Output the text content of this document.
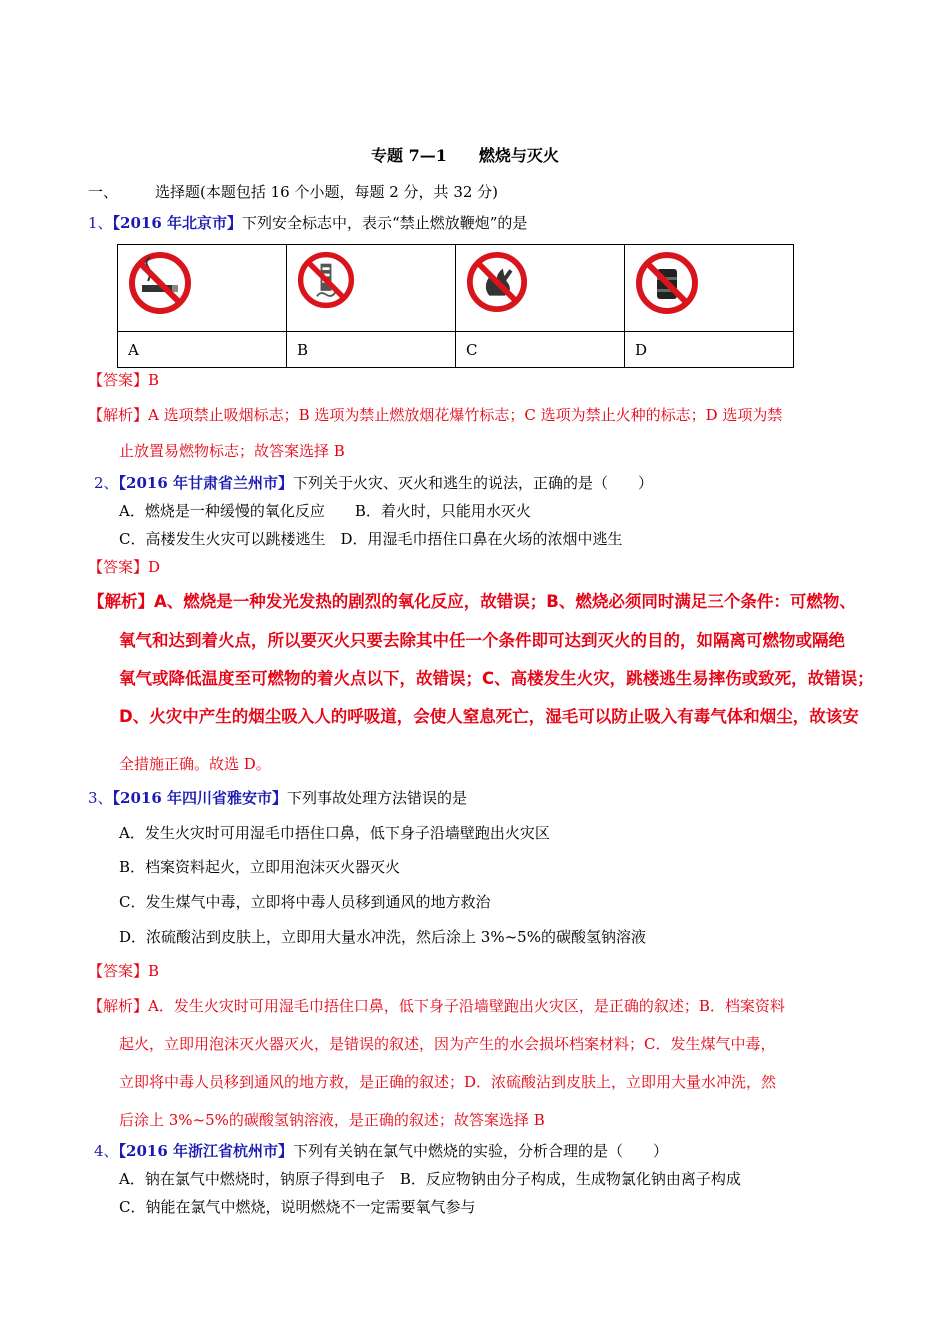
专题 7—1　　燃烧与灭火
一、 选择题(本题包括 16 个小题，每题 2 分，共 32 分)
1、【2016 年北京市】下列安全标志中，表示“禁止燃放鞭炮”的是

A	B	C	D
【答案】B
【解析】A 选项禁止吸烟标志；B 选项为禁止燃放烟花爆竹标志；C 选项为禁止火种的标志；D 选项为禁
止放置易燃物标志；故答案选择 B
2、【2016 年甘肃省兰州市】下列关于火灾、灭火和逃生的说法，正确的是（　　）
A．燃烧是一种缓慢的氧化反应　　B．着火时，只能用水灭火
C．高楼发生火灾可以跳楼逃生　D．用湿毛巾捂住口鼻在火场的浓烟中逃生
【答案】D
【解析】A、燃烧是一种发光发热的剧烈的氧化反应，故错误；B、燃烧必须同时满足三个条件：可燃物、
氧气和达到着火点，所以要灭火只要去除其中任一个条件即可达到灭火的目的，如隔离可燃物或隔绝
氧气或降低温度至可燃物的着火点以下，故错误；C、高楼发生火灾，跳楼逃生易摔伤或致死，故错误；
D、火灾中产生的烟尘吸入人的呼吸道，会使人窒息死亡，湿毛可以防止吸入有毒气体和烟尘，故该安
全措施正确。故选 D。
3、【2016 年四川省雅安市】下列事故处理方法错误的是
A．发生火灾时可用湿毛巾捂住口鼻，低下身子沿墙壁跑出火灾区
B．档案资料起火，立即用泡沫灭火器灭火
C．发生煤气中毒，立即将中毒人员移到通风的地方救治
D．浓硫酸沾到皮肤上，立即用大量水冲洗，然后涂上 3%~5%的碳酸氢钠溶液
【答案】B
【解析】A．发生火灾时可用湿毛巾捂住口鼻，低下身子沿墙壁跑出火灾区，是正确的叙述；B．档案资料
起火，立即用泡沫灭火器灭火，是错误的叙述，因为产生的水会损坏档案材料；C．发生煤气中毒，
立即将中毒人员移到通风的地方救，是正确的叙述；D．浓硫酸沾到皮肤上，立即用大量水冲洗，然
后涂上 3%~5%的碳酸氢钠溶液，是正确的叙述；故答案选择 B
4、【2016 年浙江省杭州市】下列有关钠在氯气中燃烧的实验，分析合理的是（　　）
A．钠在氯气中燃烧时，钠原子得到电子　B．反应物钠由分子构成，生成物氯化钠由离子构成
C．钠能在氯气中燃烧，说明燃烧不一定需要氧气参与
